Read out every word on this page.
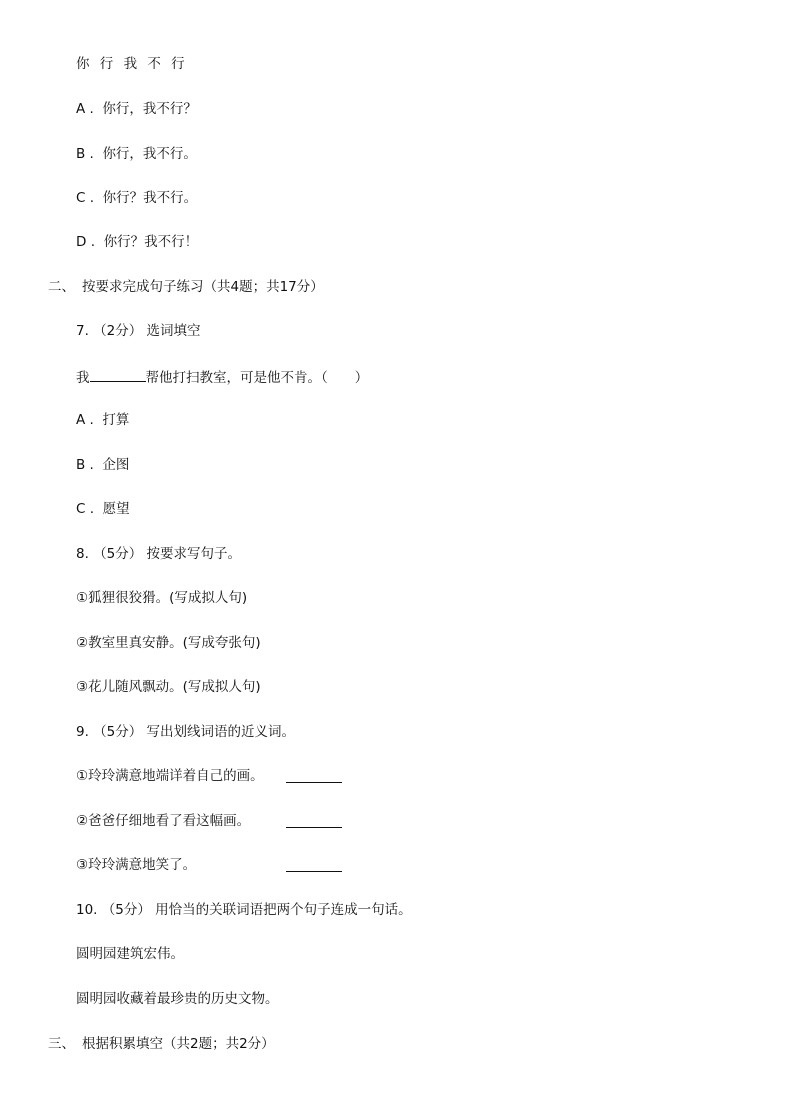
你 行 我 不 行
A .  你行，我不行？
B .  你行，我不行。
C .  你行？我不行。
D .  你行？我不行！
二、 按要求完成句子练习（共4题；共17分）
7. （2分） 选词填空
我	帮他打扫教室，可是他不肯。（　　）
A .  打算
B .  企图
C .  愿望
8. （5分） 按要求写句子。
①狐狸很狡猾。(写成拟人句)
②教室里真安静。(写成夸张句)
③花儿随风飘动。(写成拟人句)
9. （5分） 写出划线词语的近义词。
①玲玲满意地端详着自己的画。
②爸爸仔细地看了看这幅画。
③玲玲满意地笑了。
10. （5分） 用恰当的关联词语把两个句子连成一句话。
圆明园建筑宏伟。
圆明园收藏着最珍贵的历史文物。
三、 根据积累填空（共2题；共2分）
